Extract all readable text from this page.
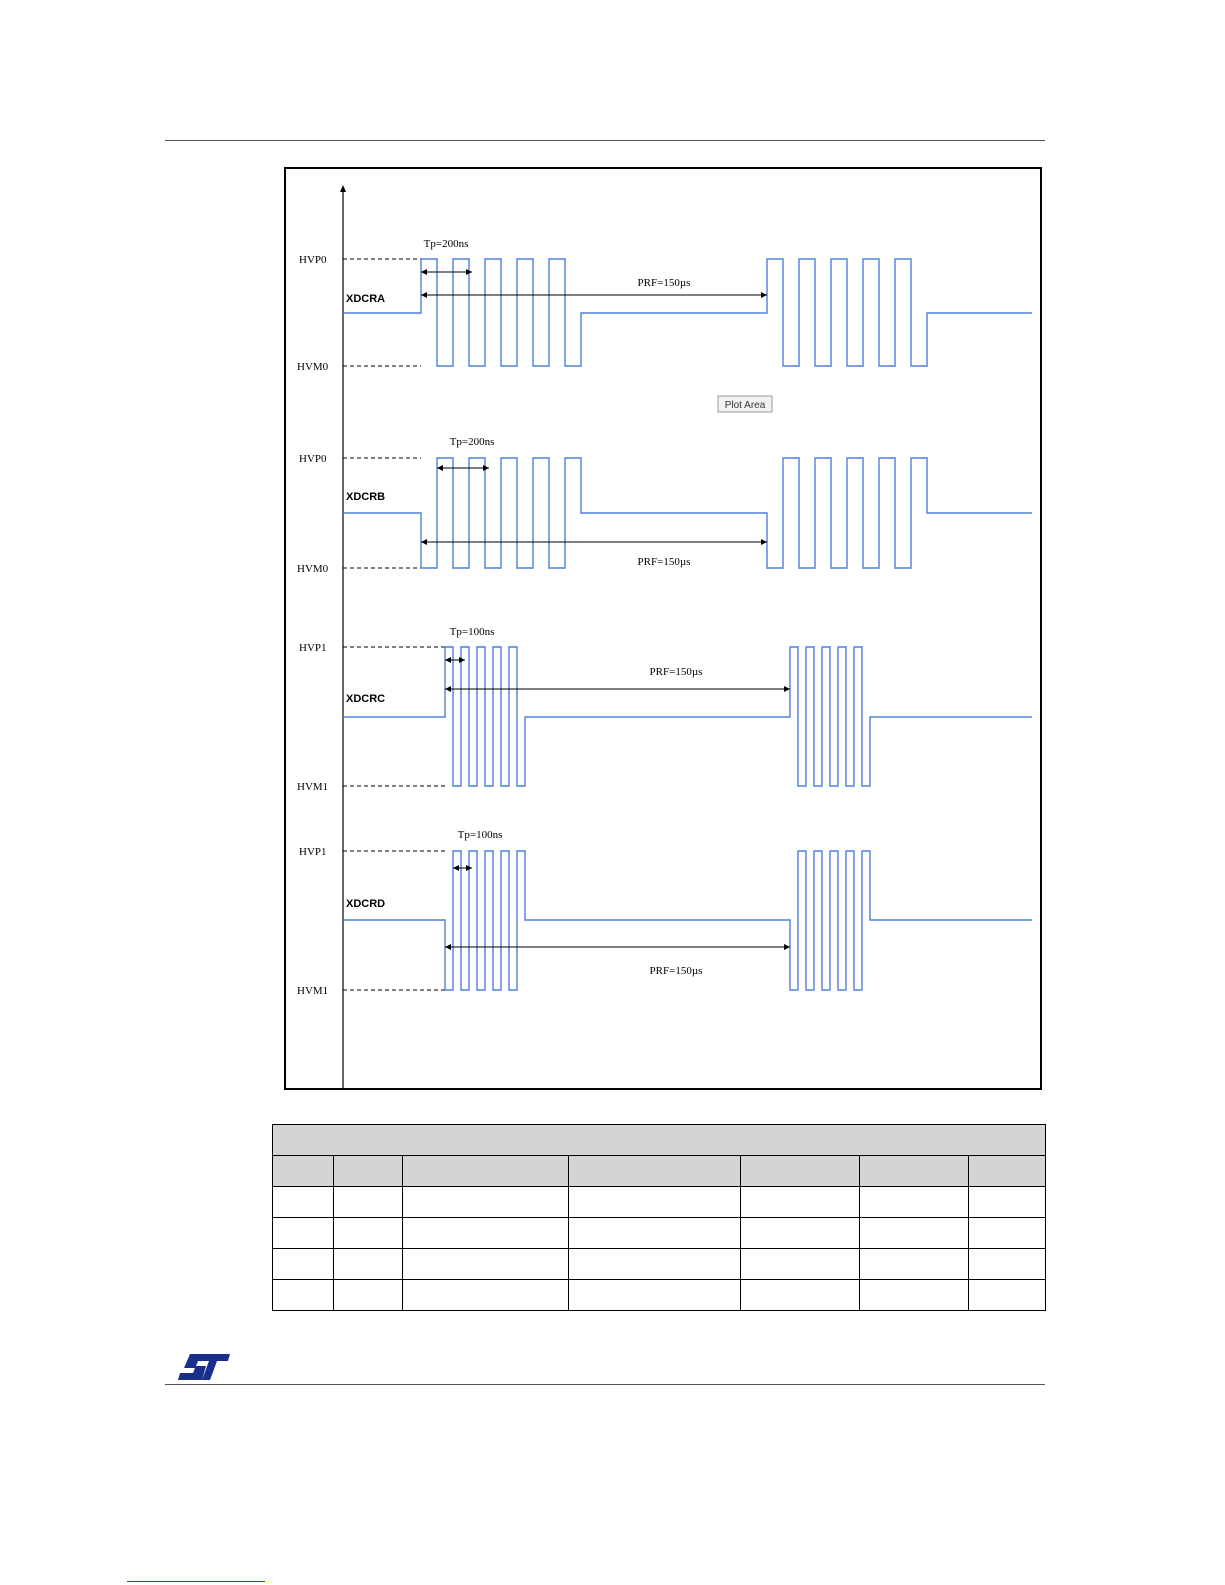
HVP0
HVM0
XDCRA
Tp=200ns
PRF=150µs
HVP0
HVM0
XDCRB
Tp=200ns
PRF=150µs
HVP1
HVM1
XDCRC
Tp=100ns
PRF=150µs
HVP1
HVM1
XDCRD
Tp=100ns
PRF=150µs
Plot Area
